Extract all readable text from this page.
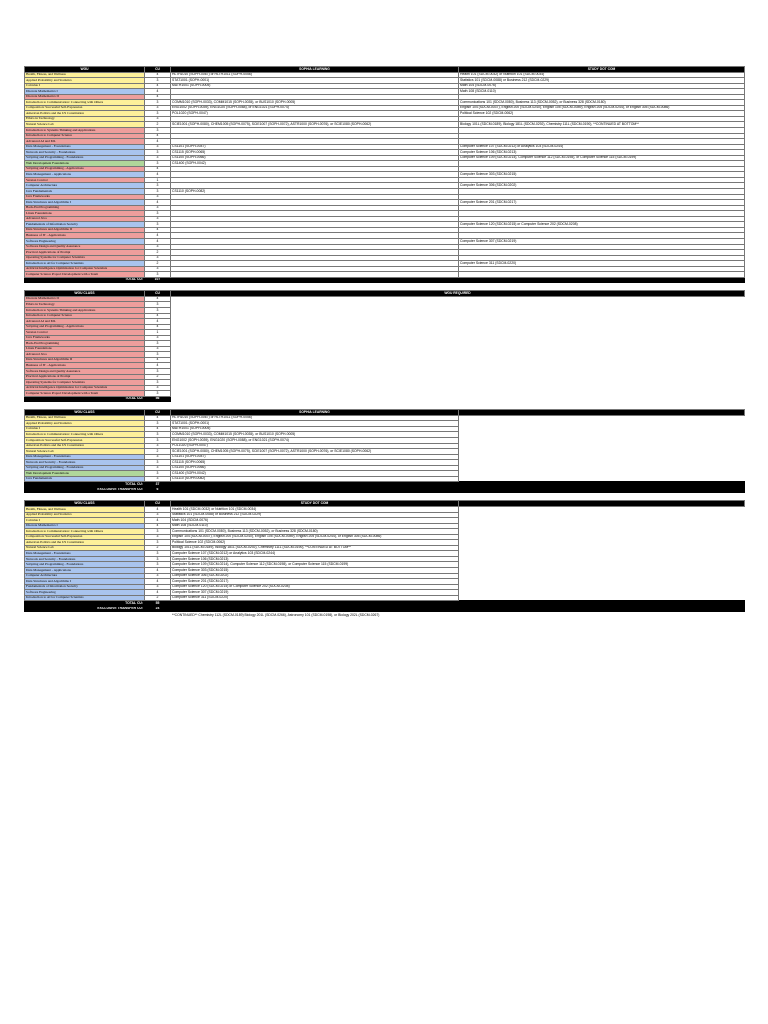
WGU	CU	SOPHIA LEARNING	STUDY DOT COM
Health, Fitness, and Wellness	4	HLTH1010 (SOPH-0067) or HLTH1011 (SOPH-0056)	Health 101 (SDCM-0032) or Nutrition 101 (SDCM-0034)
Applied Probability and Statistics	3	STAT1001 (SOPH-0001)	Statistics 101 (SDCM-0088) or Business 212 (SDCM-0229)
Calculus I	4	MATH1001 (SOPH-0005)	Math 104 (SDCM-0076)
Discrete Mathematics I	4		Math 108 (SDCM-0110)
Discrete Mathematics II	4		
Introduction to Communication: Connecting with Others	3	COMM1010 (SOPH-0033), COMM1015 (SOPH-0035), or BUS1010 (SOPH-0005)	Communications 101 (SDCM-0080), Business 113 (SDCM-0052), or Business 328 (SDCM-0180)
Composition: Successful Self-Expression	3	ENG1002 (SOPH-0039), ENG1020 (SOPH-0088), or ENG1021 (SOPH-0074)	English 104 (SDCM-0037), English 200 (SDCM-0240), English 105 (SDCM-0089), English 205 (SDCM-0244), or English 305 (SDCM-0086)
American Politics and the US Constitution	3	POL1020 (SOPH-0047)	Political Science 102 (SDCM-0062)
Ethics in Technology	3		
Natural Science Lab	2	SCIE1001 (SOPH-0080), CHEM1005 (SOPH-0075), SCIE1007 (SOPH-0072), ASTR1000 (SOPH-0076), or SCIE1080 (SOPH-0062)	Biology 101L (SDCM-0189), Biology 181L (SDCM-0292), Chemistry 111L (SDCM-0190), **CONTINUED AT BOTTOM**
Introduction to Systems Thinking and Applications	3		
Introduction to Computer Science	4		
Advanced AI and ML	4		
Data Management - Foundations	3	CS1101 (SOPH-0047)	Computer Science 107 (SDCM-0212) or Analytics 103 (SDCM-0244)
Network and Security - Foundations	3	CS1115 (SOPH-0065)	Computer Science 106 (SDCM-0213)
Scripting and Programming - Foundations	3	CS1100 (SOPH-0066)	Computer Science 109 (SDCM-0214), Computer Science 112 (SDCM-0198), or Computer Science 115 (SDCM-0199)
Web Development Foundations	3	CS1400 (SOPH-0042)	
Scripting and Programming - Applications	4		
Data Management - Applications	4		Computer Science 303 (SDCM-0215)
Version Control	1		
Computer Architecture	3		Computer Science 306 (SDCM-0202)
Java Fundamentals	3	CS1110 (SOPH-0082)	
Java Frameworks	3		
Data Structures and Algorithms I	4		Computer Science 201 (SDCM-0217)
Back-End Programming	3		
Linux Foundations	3		
Advanced Java	3		
Fundamentals of Information Security	3		Computer Science 120 (SDCM-0215) or Computer Science 202 (SDCM-0208)
Data Structures and Algorithms II	4		
Business of IT - Applications	4		
Software Engineering	4		Computer Science 307 (SDCM-0219)
Software Design and Quality Assurance	3		
Practical Applications of Prompt	2		
Operating Systems for Computer Scientists	3		
Introduction to AI for Computer Scientists	2		Computer Science 311 (SDCM-0220)
Artificial Intelligence Optimization for Computer Scientists	3		
Computer Science Project Development with a Team	3		
TOTAL CU:	107		
WGU CLASS	CU	WGU REQUIRED
Discrete Mathematics II	4	
Ethics in Technology	3	
Introduction to Systems Thinking and Applications	3	
Introduction to Computer Science	4	
Advanced AI and ML	4	
Scripting and Programming - Applications	4	
Version Control	1	
Java Frameworks	3	
Back-End Programming	3	
Linux Foundations	3	
Advanced Java	3	
Data Structures and Algorithms II	4	
Business of IT - Applications	4	
Software Design and Quality Assurance	3	
Practical Applications of Prompt	2	
Operating Systems for Computer Scientists	3	
Artificial Intelligence Optimization for Computer Scientists	3	
Computer Science Project Development with a Team	3	
TOTAL CU:	56	
WGU CLASS	CU	SOPHIA LEARNING	
Health, Fitness, and Wellness	4	HLTH1010 (SOPH-0067) or HLTH1011 (SOPH-0056)	
Applied Probability and Statistics	3	STAT1001 (SOPH-0001)	
Calculus I	4	MATH1001 (SOPH-0005)	
Introduction to Communication: Connecting with Others	3	COMM1010 (SOPH-0033), COMM1015 (SOPH-0035), or BUS1010 (SOPH-0005)	
Composition: Successful Self-Expression	3	ENG1002 (SOPH-0039), ENG1020 (SOPH-0088), or ENG1021 (SOPH-0074)	
American Politics and the US Constitution	3	POL1020 (SOPH-0047)	
Natural Science Lab	2	SCIE1001 (SOPH-0080), CHEM1005 (SOPH-0075), SCIE1007 (SOPH-0072), ASTR1000 (SOPH-0076), or SCIE1080 (SOPH-0062)	
Data Management - Foundations	3	CS1101 (SOPH-0047)	
Network and Security - Foundations	3	CS1115 (SOPH-0065)	
Scripting and Programming - Foundations	3	CS1100 (SOPH-0066)	
Web Development Foundations	3	CS1400 (SOPH-0042)	
Java Fundamentals	3	CS1110 (SOPH-0082)	
TOTAL CU:	37		
EXCLUSIVE TRANSFER CU:	6		
WGU CLASS	CU	STUDY DOT COM	
Health, Fitness, and Wellness	4	Health 101 (SDCM-0032) or Nutrition 101 (SDCM-0034)	
Applied Probability and Statistics	3	Statistics 101 (SDCM-0088) or Business 212 (SDCM-0229)	
Calculus I	4	Math 104 (SDCM-0076)	
Discrete Mathematics I	4	Math 108 (SDCM-0110)	
Introduction to Communication: Connecting with Others	3	Communications 101 (SDCM-0080), Business 113 (SDCM-0052), or Business 328 (SDCM-0180)	
Composition: Successful Self-Expression	3	English 104 (SDCM-0037), English 200 (SDCM-0240), English 105 (SDCM-0089), English 205 (SDCM-0244), or English 305 (SDCM-0086)	
American Politics and the US Constitution	3	Political Science 102 (SDCM-0062)	
Natural Science Lab	2	Biology 101L (SDCM-0189), Biology 181L (SDCM-0292), Chemistry 111L (SDCM-0190), **CONTINUED AT BOTTOM**	
Data Management - Foundations	3	Computer Science 107 (SDCM-0212) or Analytics 103 (SDCM-0244)	
Network and Security - Foundations	3	Computer Science 106 (SDCM-0213)	
Scripting and Programming - Foundations	3	Computer Science 109 (SDCM-0214), Computer Science 112 (SDCM-0198), or Computer Science 115 (SDCM-0199)	
Data Management - Applications	4	Computer Science 303 (SDCM-0215)	
Computer Architecture	3	Computer Science 306 (SDCM-0202)	
Data Structures and Algorithms I	4	Computer Science 201 (SDCM-0217)	
Fundamentals of Information Security	3	Computer Science 120 (SDCM-0215) or Computer Science 202 (SDCM-0208)	
Software Engineering	4	Computer Science 307 (SDCM-0219)	
Introduction to AI for Computer Scientists	2	Computer Science 311 (SDCM-0220)	
TOTAL CU:	55		
EXCLUSIVE TRANSFER CU:	24		
**CONTINUED** Chemistry 112L (SDCM-0189) Biology 201L (SDCM-0266), Astronomy 101 (SDCM-0198), or Biology 202L (SDCM-0267)
